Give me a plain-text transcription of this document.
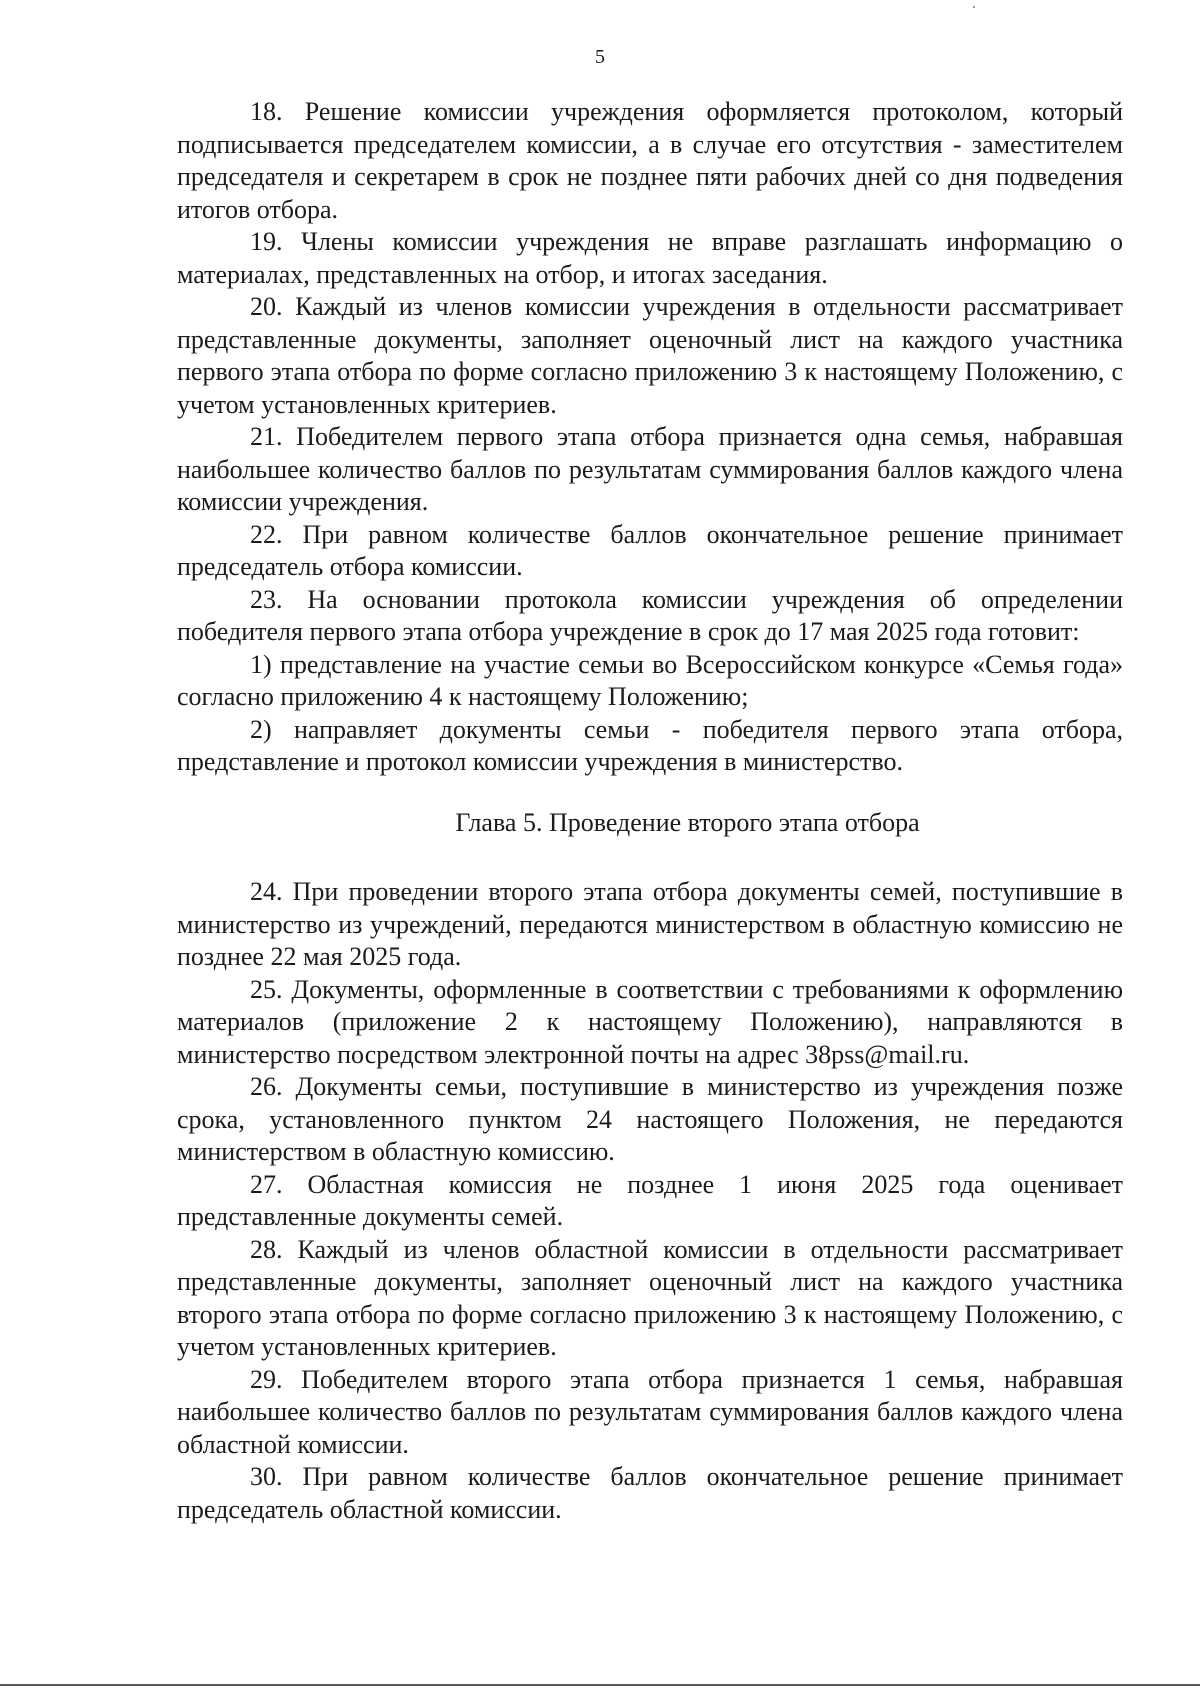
5

18. Решение комиссии учреждения оформляется протоколом, который подписывается председателем комиссии, а в случае его отсутствия - заместителем председателя и секретарем в срок не позднее пяти рабочих дней со дня подведения итогов отбора.

19. Члены комиссии учреждения не вправе разглашать информацию о материалах, представленных на отбор, и итогах заседания.

20. Каждый из членов комиссии учреждения в отдельности рассматривает представленные документы, заполняет оценочный лист на каждого участника первого этапа отбора по форме согласно приложению 3 к настоящему Положению, с учетом установленных критериев.

21. Победителем первого этапа отбора признается одна семья, набравшая наибольшее количество баллов по результатам суммирования баллов каждого члена комиссии учреждения.

22. При равном количестве баллов окончательное решение принимает председатель отбора комиссии.

23. На основании протокола комиссии учреждения об определении победителя первого этапа отбора учреждение в срок до 17 мая 2025 года готовит:

1) представление на участие семьи во Всероссийском конкурсе «Семья года» согласно приложению 4 к настоящему Положению;

2) направляет документы семьи - победителя первого этапа отбора, представление и протокол комиссии учреждения в министерство.

Глава 5. Проведение второго этапа отбора

24. При проведении второго этапа отбора документы семей, поступившие в министерство из учреждений, передаются министерством в областную комиссию не позднее 22 мая 2025 года.

25. Документы, оформленные в соответствии с требованиями к оформлению материалов (приложение 2 к настоящему Положению), направляются в министерство посредством электронной почты на адрес 38pss@mail.ru.

26. Документы семьи, поступившие в министерство из учреждения позже срока, установленного пунктом 24 настоящего Положения, не передаются министерством в областную комиссию.

27. Областная комиссия не позднее 1 июня 2025 года оценивает представленные документы семей.

28. Каждый из членов областной комиссии в отдельности рассматривает представленные документы, заполняет оценочный лист на каждого участника второго этапа отбора по форме согласно приложению 3 к настоящему Положению, с учетом установленных критериев.

29. Победителем второго этапа отбора признается 1 семья, набравшая наибольшее количество баллов по результатам суммирования баллов каждого члена областной комиссии.

30. При равном количестве баллов окончательное решение принимает председатель областной комиссии.
